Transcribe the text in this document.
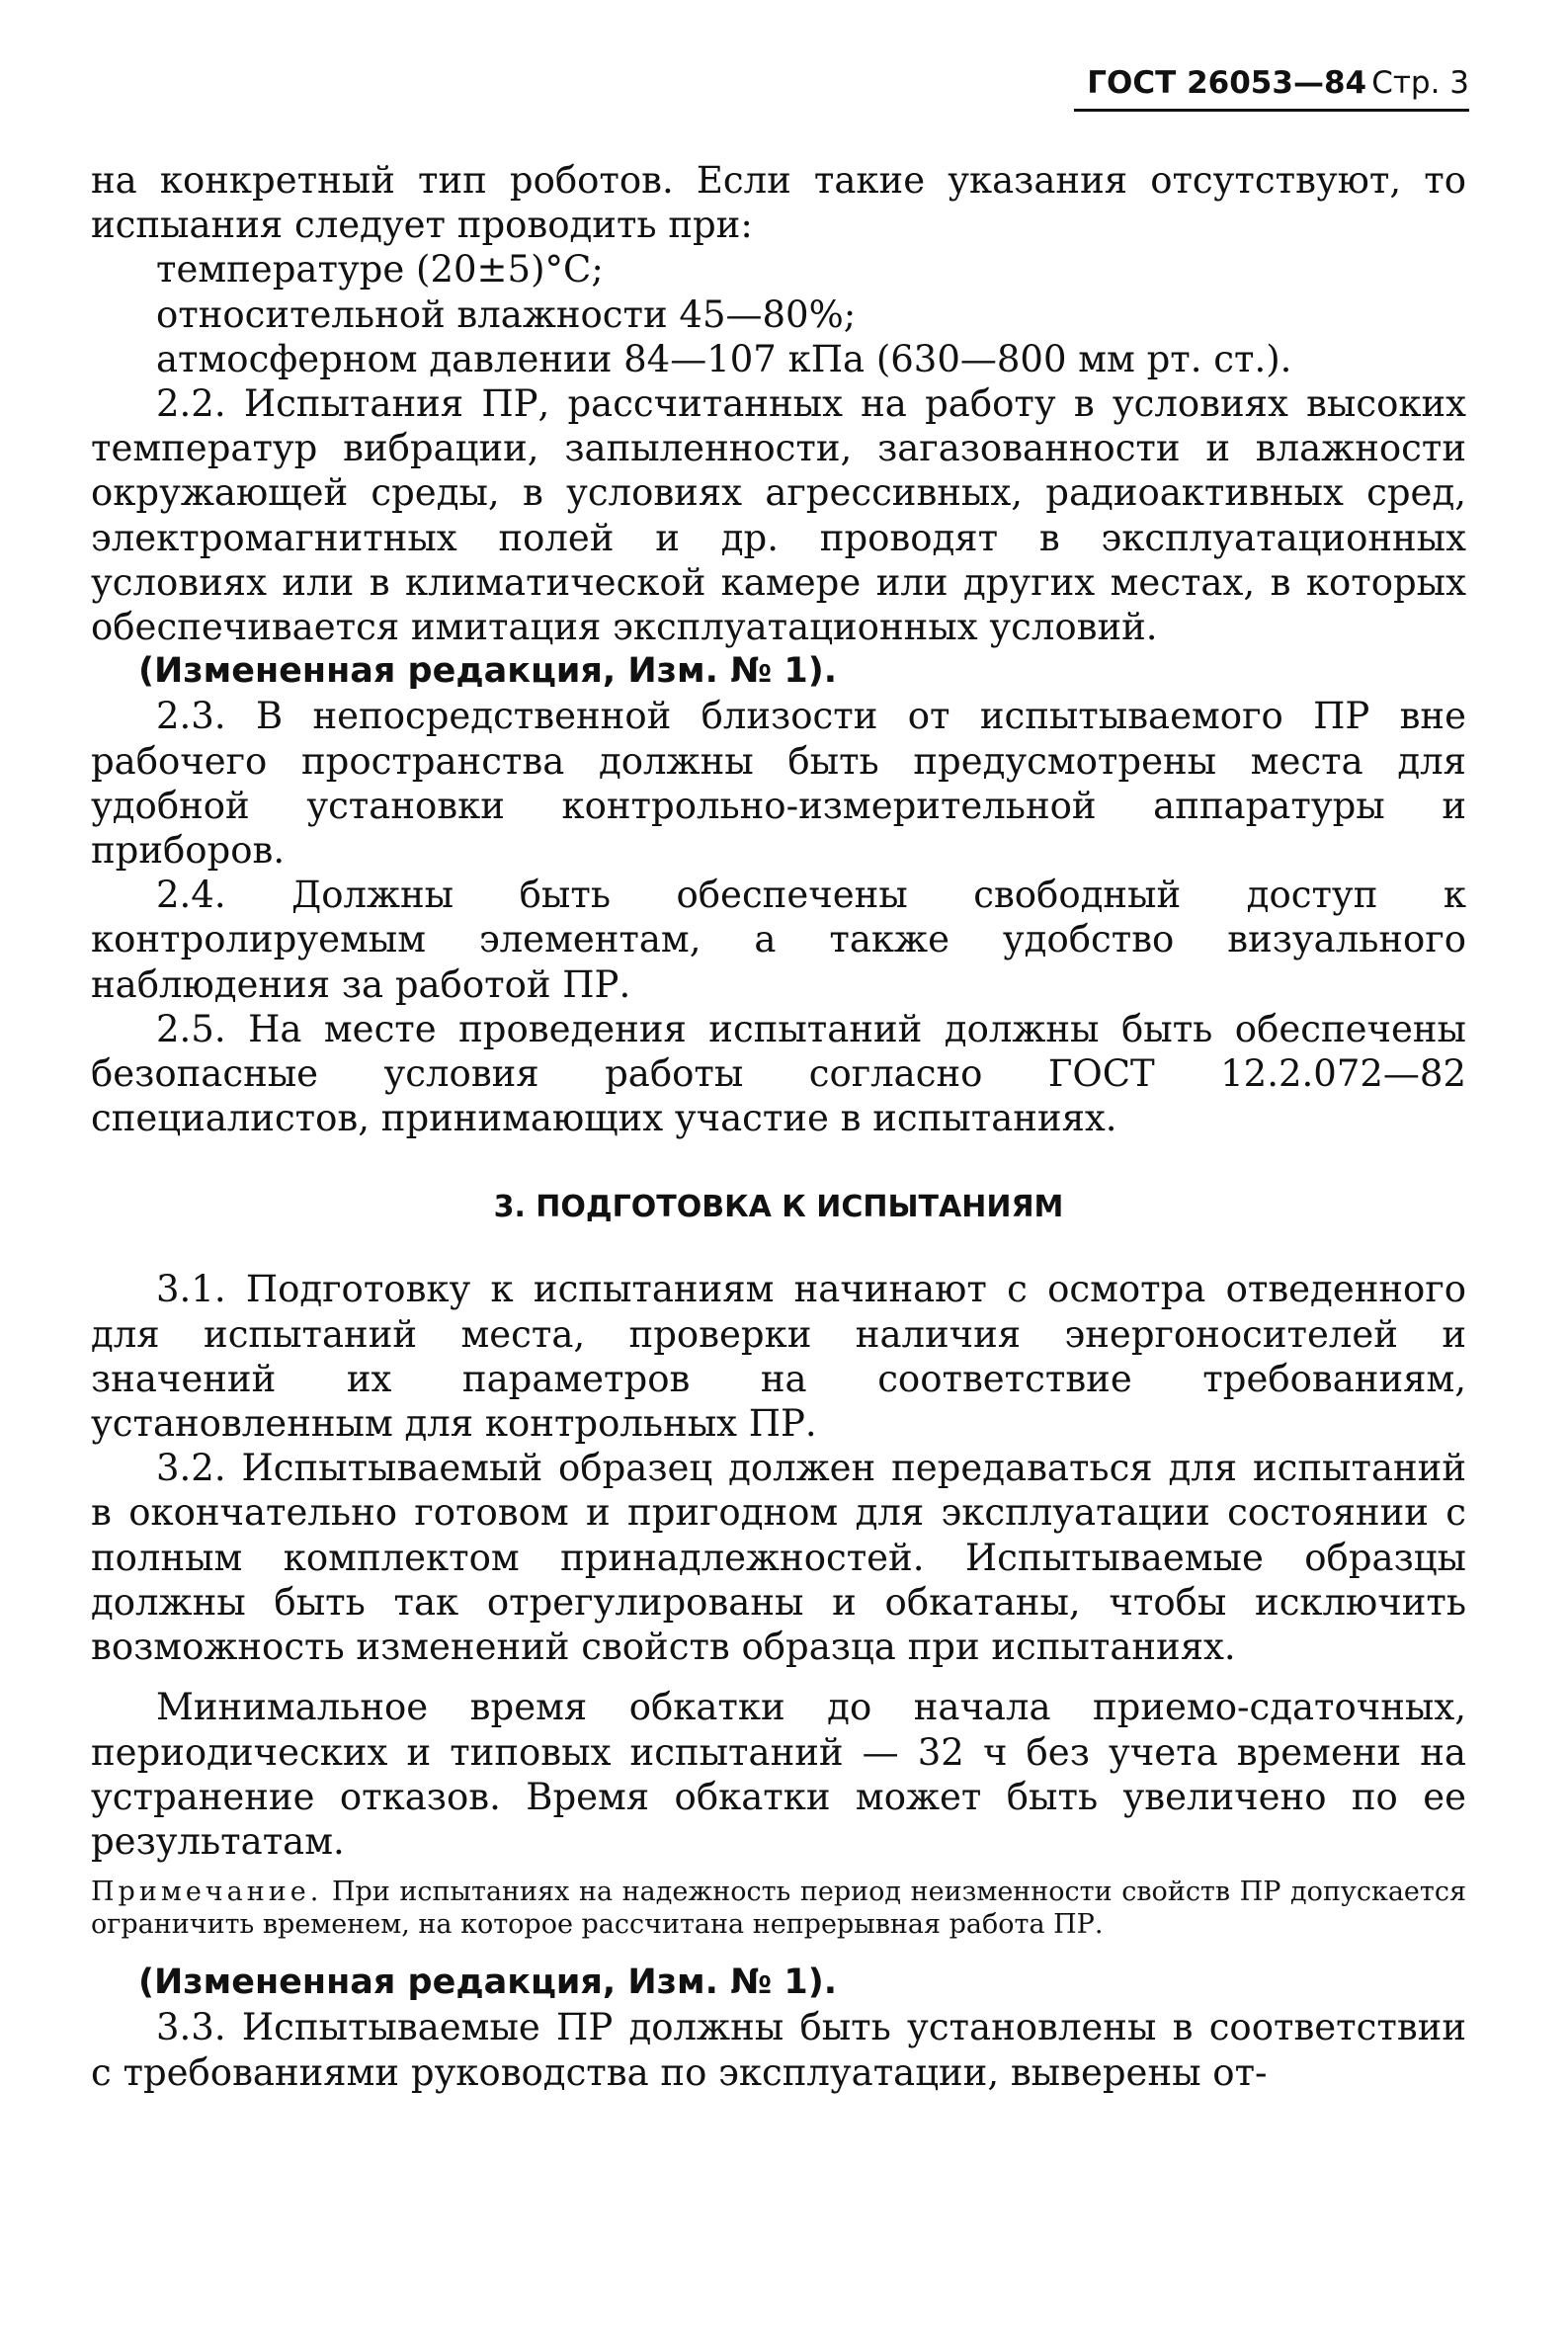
ГОСТ 26053—84 Стр. 3

на конкретный тип роботов. Если такие указания отсутствуют, то испыания следует проводить при:

температуре (20±5)°С;

относительной влажности 45—80%;

атмосферном давлении 84—107 кПа (630—800 мм рт. ст.).

2.2. Испытания ПР, рассчитанных на работу в условиях высоких температур вибрации, запыленности, загазованности и влажности окружающей среды, в условиях агрессивных, радиоактивных сред, электромагнитных полей и др. проводят в эксплуатационных условиях или в климатической камере или других местах, в которых обеспечивается имитация эксплуатационных условий.

(Измененная редакция, Изм. № 1).

2.3. В непосредственной близости от испытываемого ПР вне рабочего пространства должны быть предусмотрены места для удобной установки контрольно-измерительной аппаратуры и приборов.

2.4. Должны быть обеспечены свободный доступ к контролируемым элементам, а также удобство визуального наблюдения за работой ПР.

2.5. На месте проведения испытаний должны быть обеспечены безопасные условия работы согласно ГОСТ 12.2.072—82 специалистов, принимающих участие в испытаниях.

3. ПОДГОТОВКА К ИСПЫТАНИЯМ

3.1. Подготовку к испытаниям начинают с осмотра отведенного для испытаний места, проверки наличия энергоносителей и значений их параметров на соответствие требованиям, установленным для контрольных ПР.

3.2. Испытываемый образец должен передаваться для испытаний в окончательно готовом и пригодном для эксплуатации состоянии с полным комплектом принадлежностей. Испытываемые образцы должны быть так отрегулированы и обкатаны, чтобы исключить возможность изменений свойств образца при испытаниях.

Минимальное время обкатки до начала приемо-сдаточных, периодических и типовых испытаний — 32 ч без учета времени на устранение отказов. Время обкатки может быть увеличено по ее результатам.

Примечание. При испытаниях на надежность период неизменности свойств ПР допускается ограничить временем, на которое рассчитана непрерывная работа ПР.

(Измененная редакция, Изм. № 1).

3.3. Испытываемые ПР должны быть установлены в соответствии с требованиями руководства по эксплуатации, выверены от-
